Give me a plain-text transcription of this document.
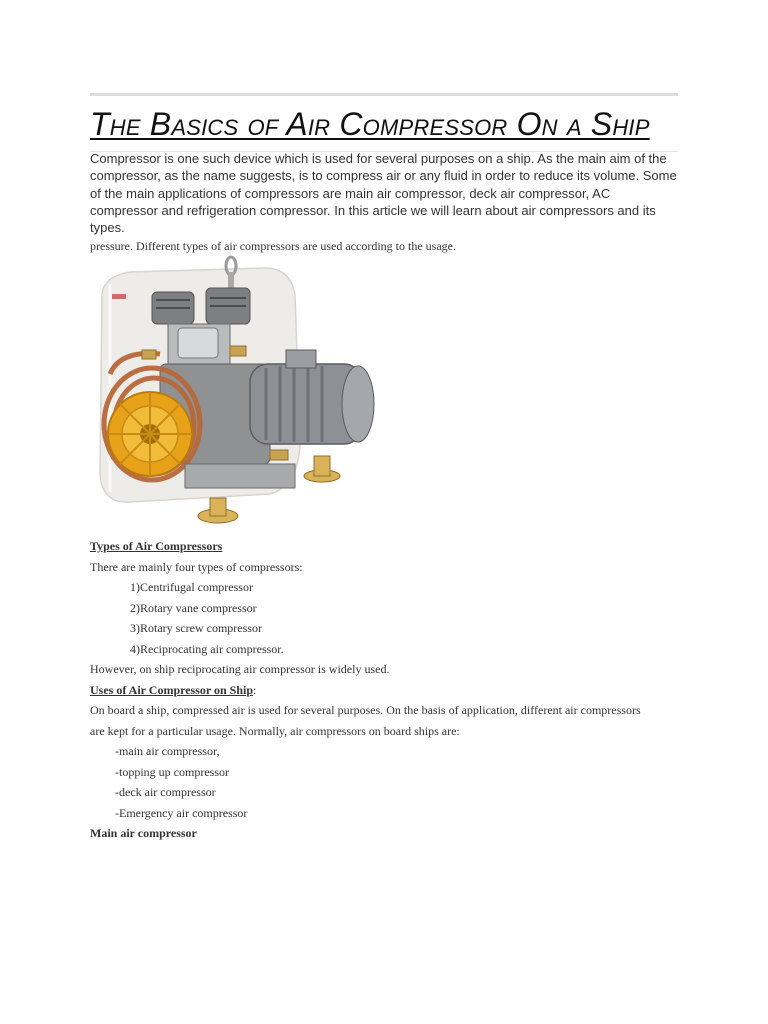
The Basics of Air Compressor On a Ship

Compressor is one such device which is used for several purposes on a ship. As the main aim of the compressor, as the name suggests, is to compress air or any fluid in order to reduce its volume. Some of the main applications of compressors are main air compressor, deck air compressor, AC compressor and refrigeration compressor. In this article we will learn about air compressors and its types.

pressure. Different types of air compressors are used according to the usage.
Types of Air Compressors
There are mainly four types of compressors:
1)Centrifugal compressor
2)Rotary vane compressor
3)Rotary screw compressor
4)Reciprocating air compressor.
However, on ship reciprocating air compressor is widely used.
Uses of Air Compressor on Ship:
On board a ship, compressed air is used for several purposes. On the basis of application, different air compressors
are kept for a particular usage. Normally, air compressors on board ships are:
-main air compressor,
-topping up compressor
-deck air compressor
-Emergency air compressor
Main air compressor
